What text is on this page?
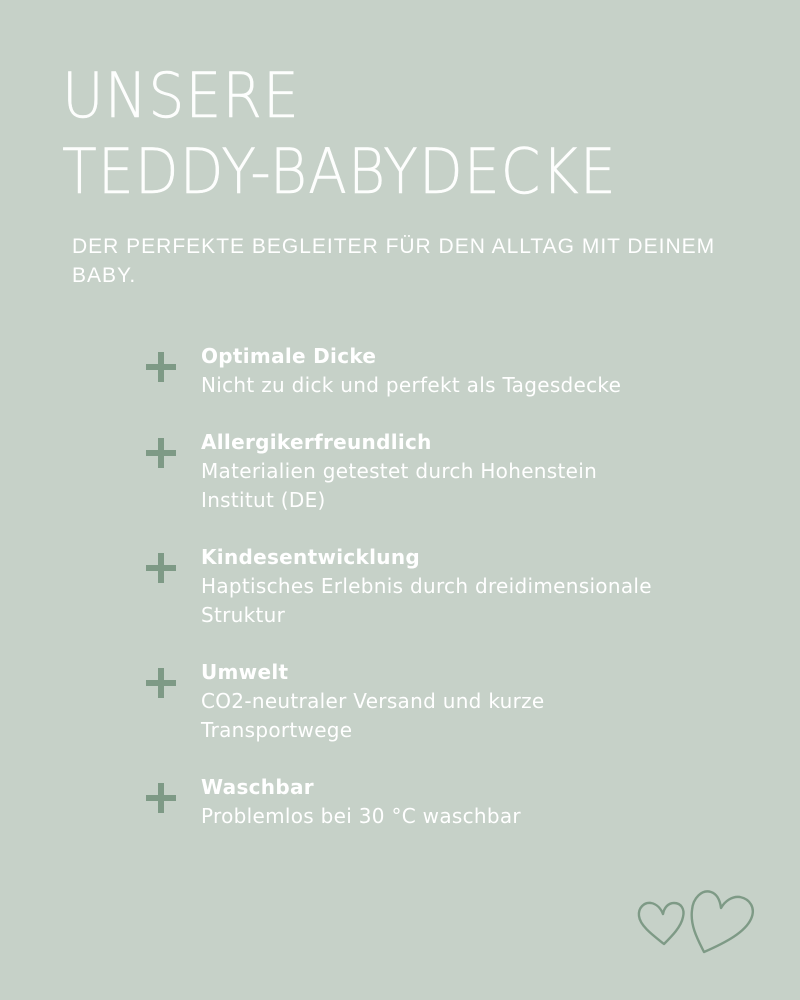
UNSERE
TEDDY-BABYDECKE

DER PERFEKTE BEGLEITER FÜR DEN ALLTAG MIT DEINEM BABY.

Optimale Dicke
Nicht zu dick und perfekt als Tagesdecke
Allergikerfreundlich
Materialien getestet durch Hohenstein Institut (DE)
Kindesentwicklung
Haptisches Erlebnis durch dreidimensionale Struktur
Umwelt
CO2-neutraler Versand und kurze Transportwege
Waschbar
Problemlos bei 30 °C waschbar
